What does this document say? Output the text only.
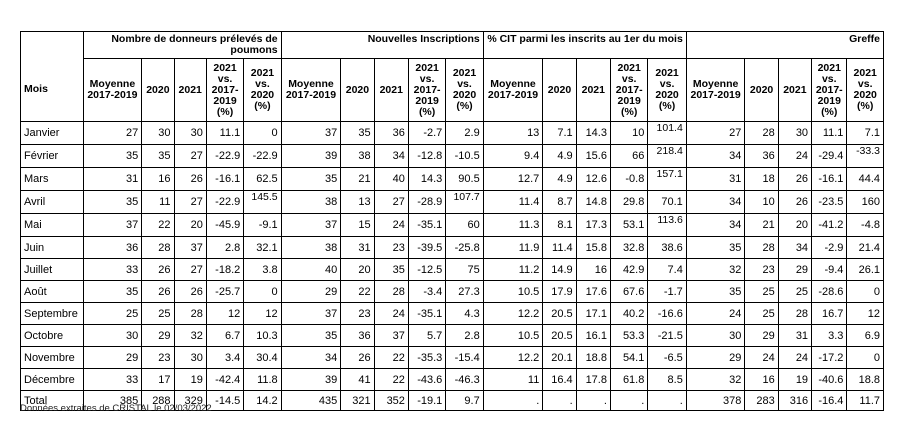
	Nombre de donneurs prélevés de poumons					Nouvelles Inscriptions					% CIT parmi les inscrits au 1er du mois					Greffe				
Mois	Moyenne 2017-2019	2020	2021	2021 vs. 2017-2019 (%)	2021 vs. 2020 (%)	Moyenne 2017-2019	2020	2021	2021 vs. 2017-2019 (%)	2021 vs. 2020 (%)	Moyenne 2017-2019	2020	2021	2021 vs. 2017-2019 (%)	2021 vs. 2020 (%)	Moyenne 2017-2019	2020	2021	2021 vs. 2017-2019 (%)	2021 vs. 2020 (%)
Janvier	27	30	30	11.1	0	37	35	36	-2.7	2.9	13	7.1	14.3	10	101.4	27	28	30	11.1	7.1
Février	35	35	27	-22.9	-22.9	39	38	34	-12.8	-10.5	9.4	4.9	15.6	66	218.4	34	36	24	-29.4	-33.3
Mars	31	16	26	-16.1	62.5	35	21	40	14.3	90.5	12.7	4.9	12.6	-0.8	157.1	31	18	26	-16.1	44.4
Avril	35	11	27	-22.9	145.5	38	13	27	-28.9	107.7	11.4	8.7	14.8	29.8	70.1	34	10	26	-23.5	160
Mai	37	22	20	-45.9	-9.1	37	15	24	-35.1	60	11.3	8.1	17.3	53.1	113.6	34	21	20	-41.2	-4.8
Juin	36	28	37	2.8	32.1	38	31	23	-39.5	-25.8	11.9	11.4	15.8	32.8	38.6	35	28	34	-2.9	21.4
Juillet	33	26	27	-18.2	3.8	40	20	35	-12.5	75	11.2	14.9	16	42.9	7.4	32	23	29	-9.4	26.1
Août	35	26	26	-25.7	0	29	22	28	-3.4	27.3	10.5	17.9	17.6	67.6	-1.7	35	25	25	-28.6	0
Septembre	25	25	28	12	12	37	23	24	-35.1	4.3	12.2	20.5	17.1	40.2	-16.6	24	25	28	16.7	12
Octobre	30	29	32	6.7	10.3	35	36	37	5.7	2.8	10.5	20.5	16.1	53.3	-21.5	30	29	31	3.3	6.9
Novembre	29	23	30	3.4	30.4	34	26	22	-35.3	-15.4	12.2	20.1	18.8	54.1	-6.5	29	24	24	-17.2	0
Décembre	33	17	19	-42.4	11.8	39	41	22	-43.6	-46.3	11	16.4	17.8	61.8	8.5	32	16	19	-40.6	18.8
Total	385	288	329	-14.5	14.2	435	321	352	-19.1	9.7	.	.	.	.	.	378	283	316	-16.4	11.7
Données extraites de CRISTAL le 02/03/2022
